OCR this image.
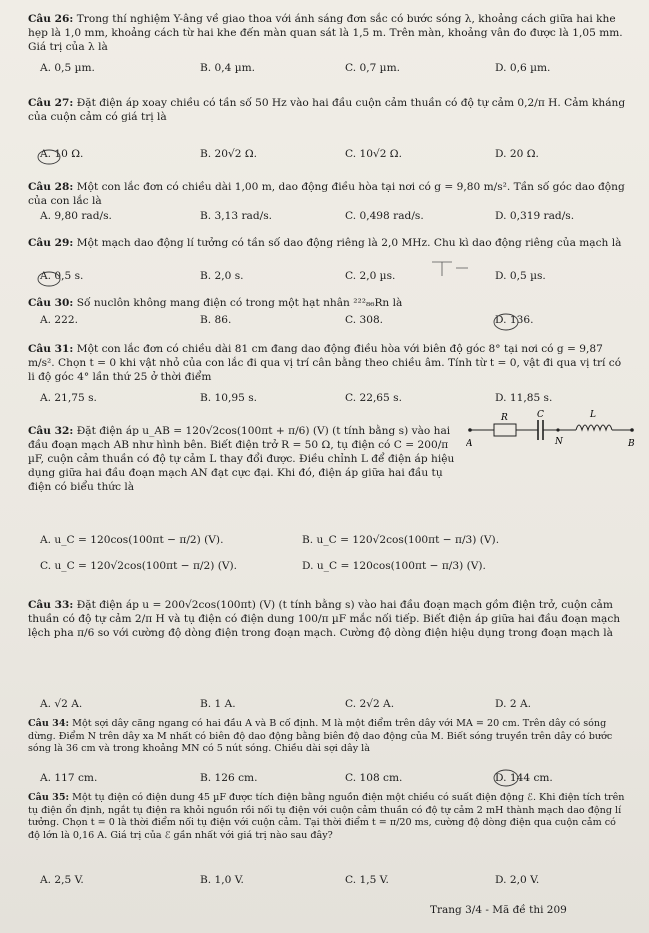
Câu 26: Trong thí nghiệm Y-âng về giao thoa với ánh sáng đơn sắc có bước sóng λ, khoảng cách giữa hai khe hẹp là 1,0 mm, khoảng cách từ hai khe đến màn quan sát là 1,5 m. Trên màn, khoảng vân đo được là 1,05 mm. Giá trị của λ là
A. 0,5 µm.	B. 0,4 µm.	C. 0,7 µm.	D. 0,6 µm.
Câu 27: Đặt điện áp xoay chiều có tần số 50 Hz vào hai đầu cuộn cảm thuần có độ tự cảm 0,2/π H. Cảm kháng của cuộn cảm có giá trị là
A. 10 Ω.	B. 20√2 Ω.	C. 10√2 Ω.	D. 20 Ω.
Câu 28: Một con lắc đơn có chiều dài 1,00 m, dao động điều hòa tại nơi có g = 9,80 m/s². Tần số góc dao động của con lắc là
A. 9,80 rad/s.	B. 3,13 rad/s.	C. 0,498 rad/s.	D. 0,319 rad/s.
Câu 29: Một mạch dao động lí tưởng có tần số dao động riêng là 2,0 MHz. Chu kì dao động riêng của mạch là
A. 0,5 s.	B. 2,0 s.	C. 2,0 µs.	D. 0,5 µs.
Câu 30: Số nuclôn không mang điện có trong một hạt nhân ²²²₈₆Rn là
A. 222.	B. 86.	C. 308.	D. 136.
Câu 31: Một con lắc đơn có chiều dài 81 cm đang dao động điều hòa với biên độ góc 8° tại nơi có g = 9,87 m/s². Chọn t = 0 khi vật nhỏ của con lắc đi qua vị trí cân bằng theo chiều âm. Tính từ t = 0, vật đi qua vị trí có li độ góc 4° lần thứ 25 ở thời điểm
A. 21,75 s.	B. 10,95 s.	C. 22,65 s.	D. 11,85 s.
Câu 32: Đặt điện áp u_AB = 120√2cos(100πt + π/6) (V) (t tính bằng s) vào hai đầu đoạn mạch AB như hình bên. Biết điện trở R = 50 Ω, tụ điện có C = 200/π µF, cuộn cảm thuần có độ tự cảm L thay đổi được. Điều chỉnh L để điện áp hiệu dụng giữa hai đầu đoạn mạch AN đạt cực đại. Khi đó, điện áp giữa hai đầu tụ điện có biểu thức là
A
R	C
N
L
B
A. u_C = 120cos(100πt − π/2) (V).	B. u_C = 120√2cos(100πt − π/3) (V).
C. u_C = 120√2cos(100πt − π/2) (V).	D. u_C = 120cos(100πt − π/3) (V).
Câu 33: Đặt điện áp u = 200√2cos(100πt) (V) (t tính bằng s) vào hai đầu đoạn mạch gồm điện trở, cuộn cảm thuần có độ tự cảm 2/π H và tụ điện có điện dung 100/π µF mắc nối tiếp. Biết điện áp giữa hai đầu đoạn mạch lệch pha π/6 so với cường độ dòng điện trong đoạn mạch. Cường độ dòng điện hiệu dụng trong đoạn mạch là
A. √2 A.	B. 1 A.	C. 2√2 A.	D. 2 A.
Câu 34: Một sợi dây căng ngang có hai đầu A và B cố định. M là một điểm trên dây với MA = 20 cm. Trên dây có sóng dừng. Điểm N trên dây xa M nhất có biên độ dao động bằng biên độ dao động của M. Biết sóng truyền trên dây có bước sóng là 36 cm và trong khoảng MN có 5 nút sóng. Chiều dài sợi dây là
A. 117 cm.	B. 126 cm.	C. 108 cm.	D. 144 cm.
Câu 35: Một tụ điện có điện dung 45 µF được tích điện bằng nguồn điện một chiều có suất điện động ℰ. Khi điện tích trên tụ điện ổn định, ngắt tụ điện ra khỏi nguồn rồi nối tụ điện với cuộn cảm thuần có độ tự cảm 2 mH thành mạch dao động lí tưởng. Chọn t = 0 là thời điểm nối tụ điện với cuộn cảm. Tại thời điểm t = π/20 ms, cường độ dòng điện qua cuộn cảm có độ lớn là 0,16 A. Giá trị của ℰ gần nhất với giá trị nào sau đây?
A. 2,5 V.	B. 1,0 V.	C. 1,5 V.	D. 2,0 V.
Trang 3/4 - Mã đề thi 209
